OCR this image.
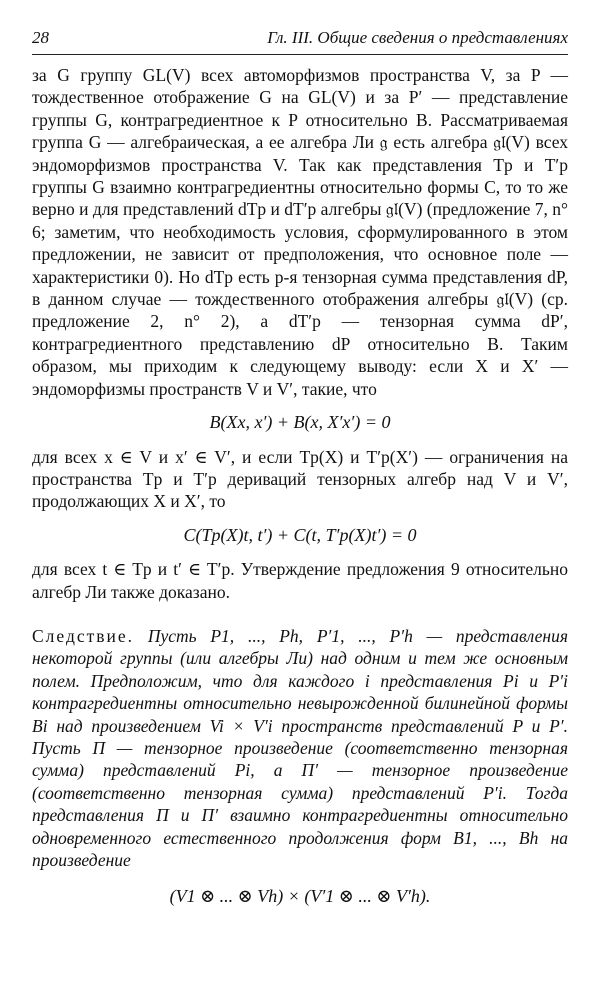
28	Гл. III. Общие сведения о представлениях

за G группу GL(V) всех автоморфизмов пространства V, за P — тождественное отображение G на GL(V) и за P′ — представление группы G, контрагредиентное к P относительно B. Рассматриваемая группа G — алгебраическая, а ее алгебра Ли 𝔤 есть алгебра 𝔤𝔩(V) всех эндоморфизмов пространства V. Так как представления Tp и T′p группы G взаимно контрагредиентны относительно формы C, то то же верно и для представлений dTp и dT′p алгебры 𝔤𝔩(V) (предложение 7, n° 6; заметим, что необходимость условия, сформулированного в этом предложении, не зависит от предположения, что основное поле — характеристики 0). Но dTp есть p-я тензорная сумма представления dP, в данном случае — тождественного отображения алгебры 𝔤𝔩(V) (ср. предложение 2, n° 2), а dT′p — тензорная сумма dP′, контрагредиентного представлению dP относительно B. Таким образом, мы приходим к следующему выводу: если X и X′ — эндоморфизмы пространств V и V′, такие, что

B(Xx, x′) + B(x, X′x′) = 0

для всех x ∈ V и x′ ∈ V′, и если Tp(X) и T′p(X′) — ограничения на пространства Tp и T′p дериваций тензорных алгебр над V и V′, продолжающих X и X′, то

C(Tp(X)t, t′) + C(t, T′p(X)t′) = 0

для всех t ∈ Tp и t′ ∈ T′p. Утверждение предложения 9 относительно алгебр Ли также доказано.

Следствие. Пусть P1, ..., Ph, P′1, ..., P′h — представления некоторой группы (или алгебры Ли) над одним и тем же основным полем. Предположим, что для каждого i представления Pi и P′i контрагредиентны относительно невырожденной билинейной формы Bi над произведением Vi × V′i пространств представлений P и P′. Пусть Π — тензорное произведение (соответственно тензорная сумма) представлений Pi, а Π′ — тензорное произведение (соответственно тензорная сумма) представлений P′i. Тогда представления Π и Π′ взаимно контрагредиентны относительно одновременного естественного продолжения форм B1, ..., Bh на произведение

(V1 ⊗ ... ⊗ Vh) × (V′1 ⊗ ... ⊗ V′h).
